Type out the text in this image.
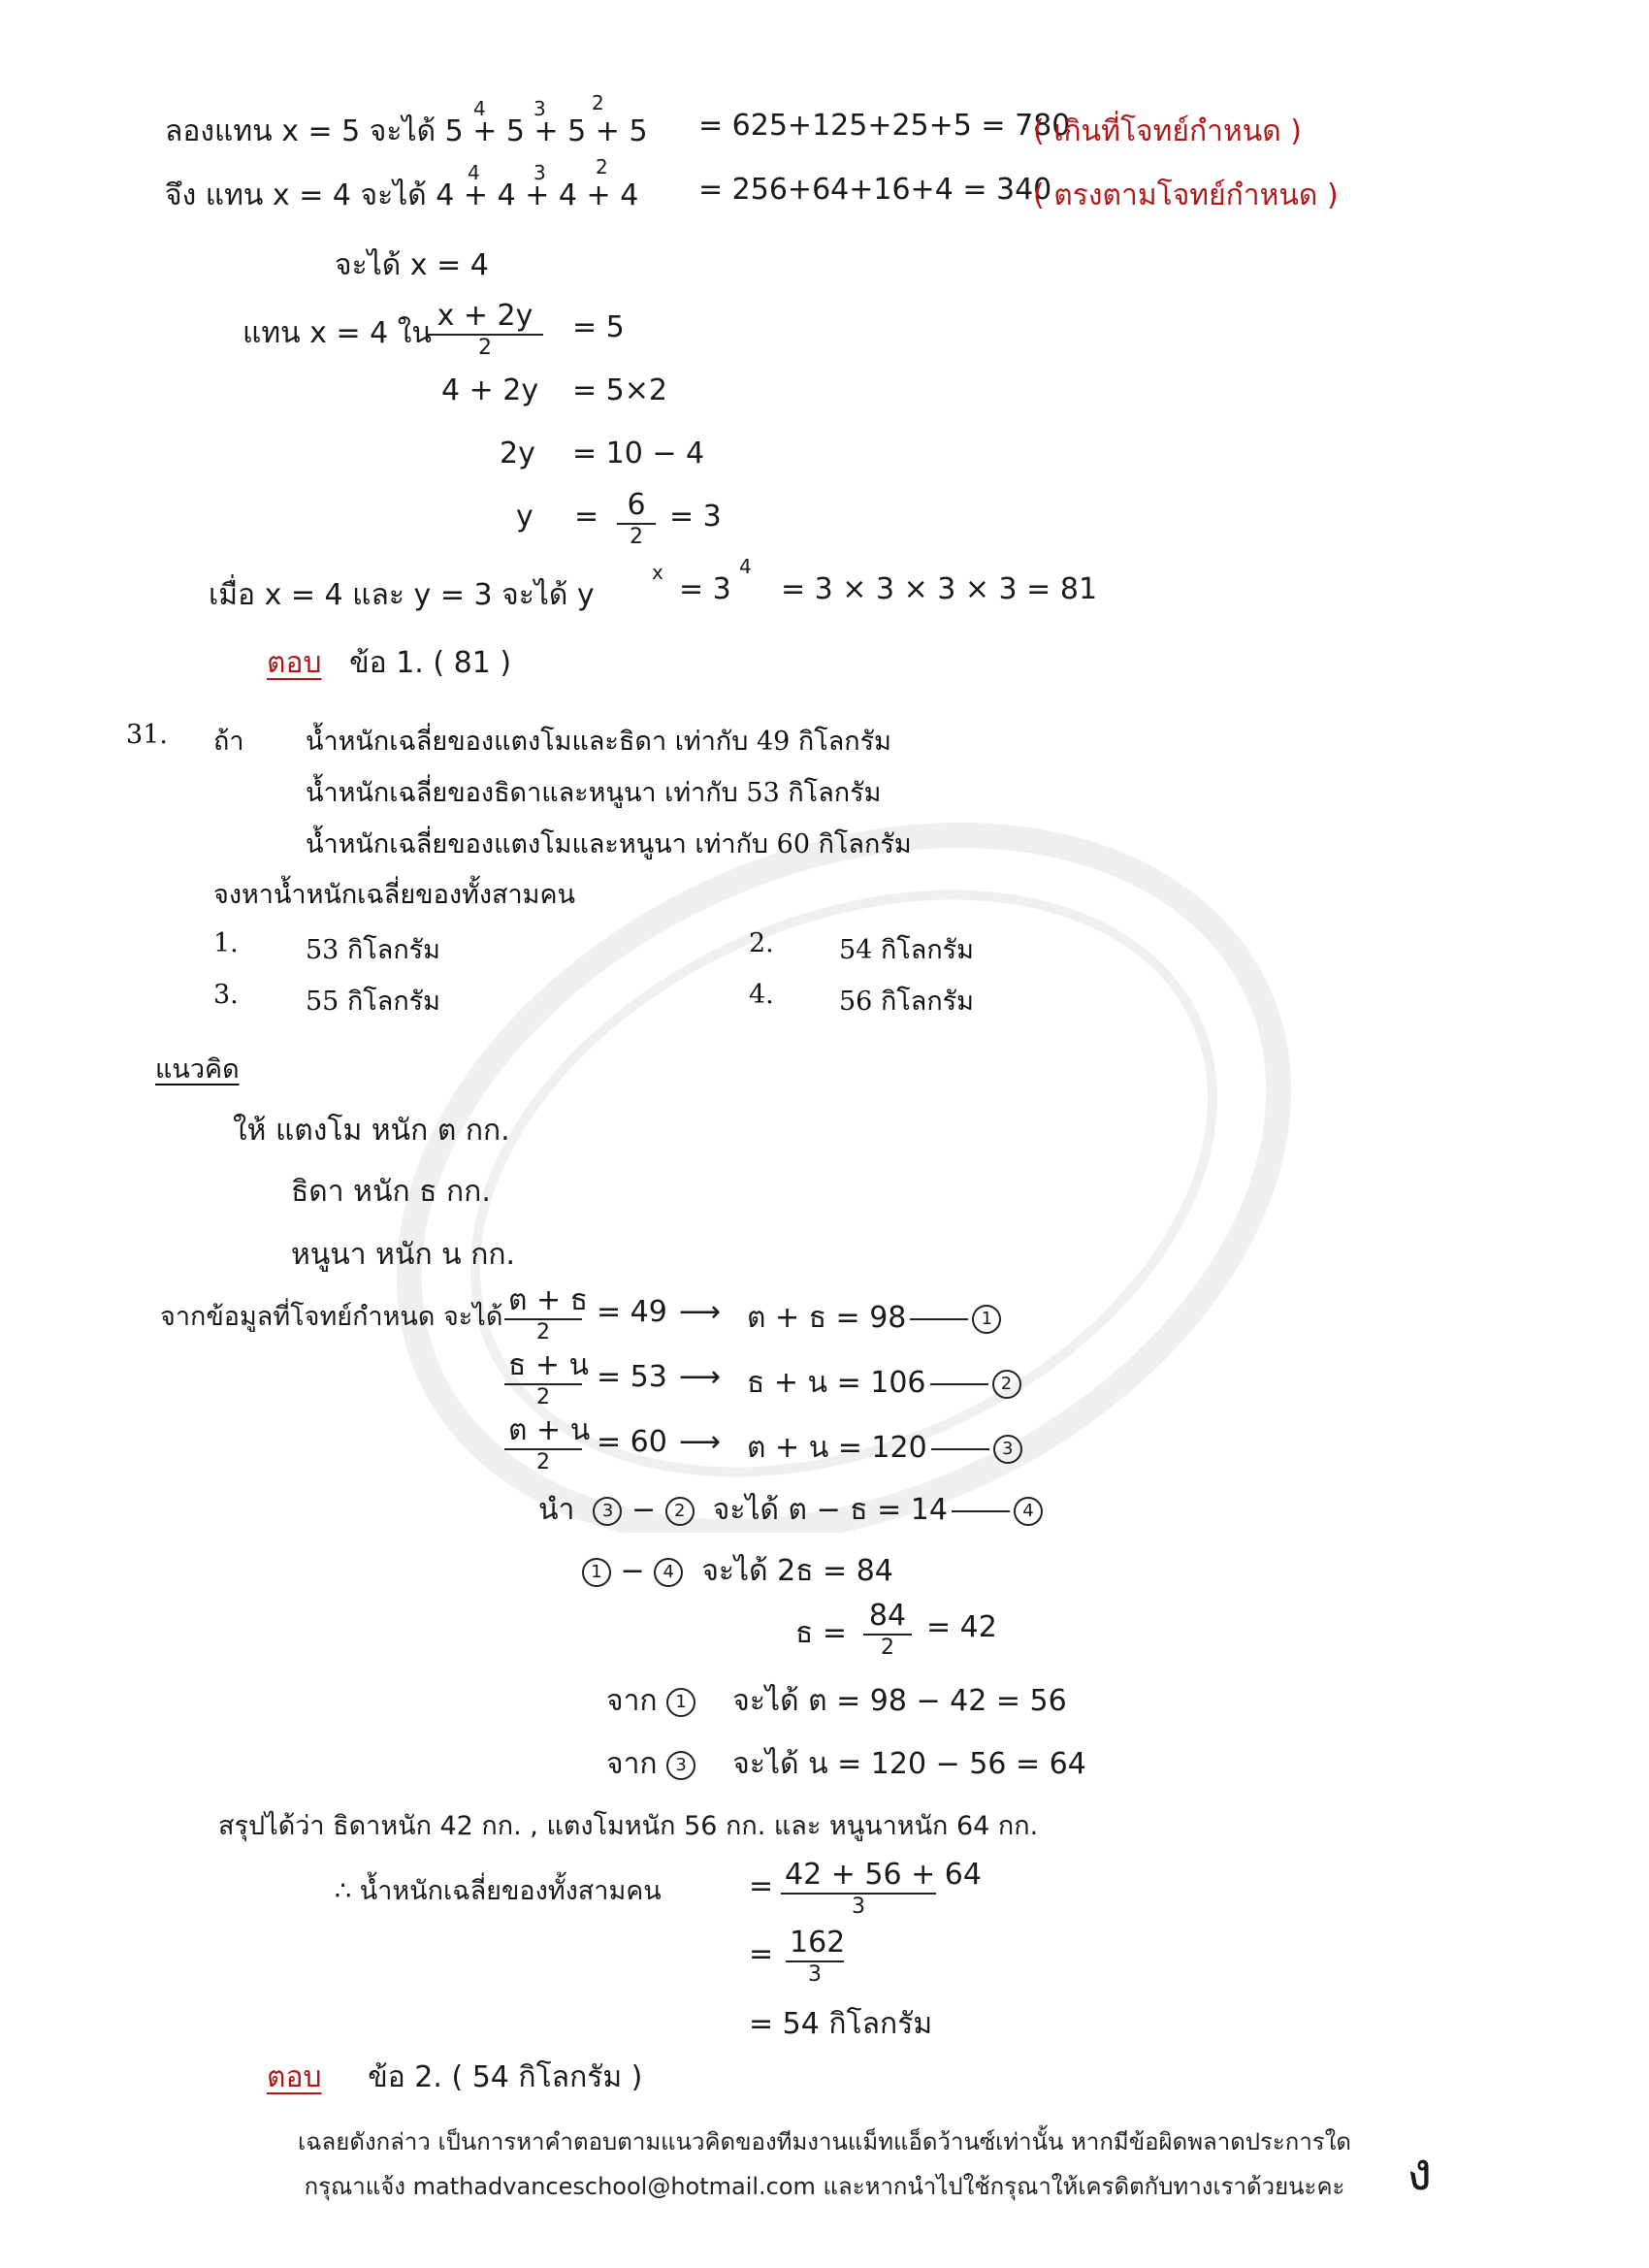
ลองแทน x = 5 จะได้ 5 + 5 + 5 + 5
4 3 2
= 625+125+25+5 = 780
( เกินที่โจทย์กำหนด )
จึง แทน x = 4 จะได้ 4 + 4 + 4 + 4
4	3	2
= 256+64+16+4 = 340
( ตรงตามโจทย์กำหนด )
จะได้ x = 4
แทน x = 4 ใน
x + 2y
2
= 5
4 + 2y = 5×2
2y = 10 − 4
y = 6
2
= 3
เมื่อ x = 4 และ y = 3 จะได้ y
x = 3
4
= 3 × 3 × 3 × 3 = 81
ตอบ ข้อ 1. ( 81 )
31. ถ้า น้ำหนักเฉลี่ยของแตงโมและธิดา เท่ากับ 49 กิโลกรัม
น้ำหนักเฉลี่ยของธิดาและหนูนา เท่ากับ 53 กิโลกรัม
น้ำหนักเฉลี่ยของแตงโมและหนูนา เท่ากับ 60 กิโลกรัม
จงหาน้ำหนักเฉลี่ยของทั้งสามคน
1.	53 กิโลกรัม	2. 54 กิโลกรัม
3.	55 กิโลกรัม	4. 56 กิโลกรัม
แนวคิด
ให้ แตงโม หนัก ต กก.
ธิดา หนัก ธ กก.
หนูนา หนัก น กก.
จากข้อมูลที่โจทย์กำหนด จะได้ ต + ธ
2
= 49 ⟶ ต + ธ = 98	1
ธ + น
2
= 53 ⟶ ธ + น = 106	2
ต + น
2
= 60 ⟶ ต + น = 120	3
นำ 3 − 2 จะได้ ต − ธ = 14	4
1 − 4 จะได้ 2ธ = 84
ธ =
84
2
= 42
จาก 1 จะได้ ต = 98 − 42 = 56
จาก 3 จะได้ น = 120 − 56 = 64
สรุปได้ว่า ธิดาหนัก 42 กก. , แตงโมหนัก 56 กก. และ หนูนาหนัก 64 กก.
∴ น้ำหนักเฉลี่ยของทั้งสามคน	= 42 + 56 + 64
3
= 162
3
= 54 กิโลกรัม
ตอบ ข้อ 2. ( 54 กิโลกรัม )
เฉลยดังกล่าว เป็นการหาคำตอบตามแนวคิดของทีมงานแม็ทแอ็ดว้านซ์เท่านั้น หากมีข้อผิดพลาดประการใด
กรุณาแจ้ง mathadvanceschool@hotmail.com และหากนำไปใช้กรุณาให้เครดิตกับทางเราด้วยนะคะ	ง
